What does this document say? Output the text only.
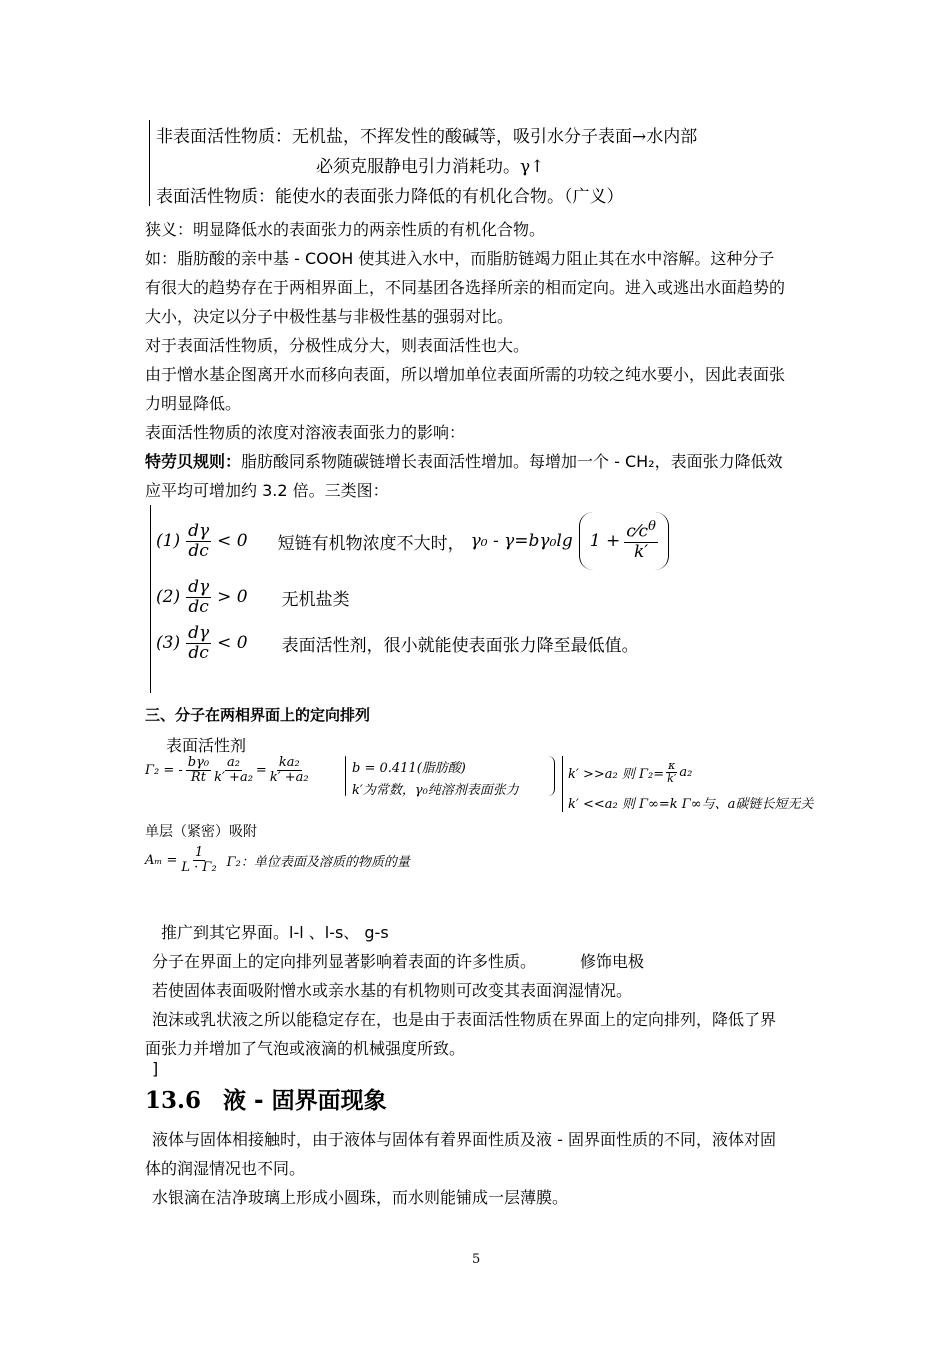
非表面活性物质：无机盐，不挥发性的酸碱等，吸引水分子表面→水内部
必须克服静电引力消耗功。γ↑
表面活性物质：能使水的表面张力降低的有机化合物。（广义）
狭义：明显降低水的表面张力的两亲性质的有机化合物。
如：脂肪酸的亲中基 - COOH 使其进入水中，而脂肪链竭力阻止其在水中溶解。这种分子
有很大的趋势存在于两相界面上，不同基团各选择所亲的相而定向。进入或逃出水面趋势的
大小，决定以分子中极性基与非极性基的强弱对比。
对于表面活性物质，分极性成分大，则表面活性也大。
由于憎水基企图离开水而移向表面，所以增加单位表面所需的功较之纯水要小，因此表面张
力明显降低。
表面活性物质的浓度对溶液表面张力的影响：
特劳贝规则：脂肪酸同系物随碳链增长表面活性增加。每增加一个 - CH₂，表面张力降低效
应平均可增加约 3.2 倍。三类图：
$(1) \frac{d\gamma}{dc} < 0$ 短链有机物浓度不大时， γ₀ - γ=bγ₀lg $1 + \frac{c⁄c^\theta}{k'}$
$(2) \frac{d\gamma}{dc} > 0$ 无机盐类
$(3) \frac{d\gamma}{dc} < 0$ 表面活性剂，很小就能使表面张力降至最低值。
三、分子在两相界面上的定向排列
表面活性剂
Γ₂ = - $\frac{\text{bγ₀}}{Rt} \frac{\text{a₂}}{\text{k′ +a₂}} = \frac{\text{ka₂}}{\text{k′ +a₂}}$	b = 0.411(脂肪酸)
k′为常数，γ₀纯溶剂表面张力
k′ >>a₂ 则 $\Gamma_2= \frac{\kappa}{k'} a_2$
k′ <<a₂ 则 Γ∞=k Γ∞与、a碳链长短无关
单层（紧密）吸附
$A_m = \frac{1}{\text{L · Γ₂}} \Gamma_2$：单位表面及溶质的物质的量
推广到其它界面。l-l 、l-s、 g-s
分子在界面上的定向排列显著影响着表面的许多性质。	修饰电极
若使固体表面吸附憎水或亲水基的有机物则可改变其表面润湿情况。
泡沫或乳状液之所以能稳定存在，也是由于表面活性物质在界面上的定向排列，降低了界
面张力并增加了气泡或液滴的机械强度所致。
]
13.6 液 - 固界面现象
液体与固体相接触时，由于液体与固体有着界面性质及液 - 固界面性质的不同，液体对固
体的润湿情况也不同。
水银滴在洁净玻璃上形成小圆珠，而水则能铺成一层薄膜。
5
